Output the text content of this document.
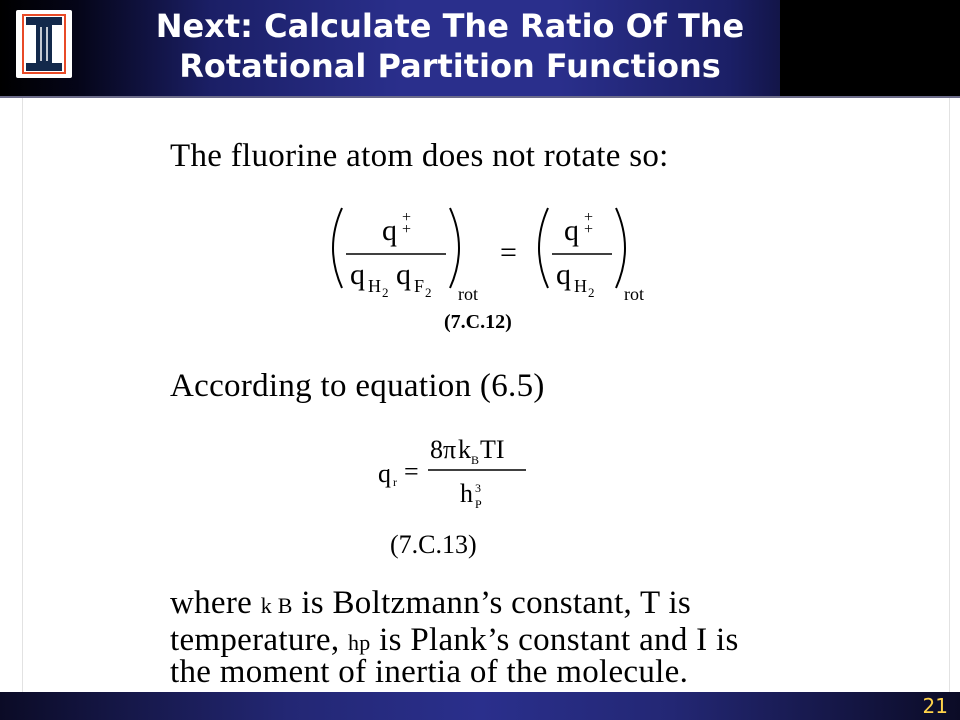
Next: Calculate The Ratio Of The
Rotational Partition Functions
The fluorine atom does not rotate so:
q +
+
q H 2
q F 2 rot
=
q +
+
q H 2 rot
(7.C.12)
According to equation (6.5)
q r =
8 π k B TI
h 3
P
(7.C.13)
where k B is Boltzmann’s constant, T is
temperature, hp is Plank’s constant and I is
the moment of inertia of the molecule.
21
